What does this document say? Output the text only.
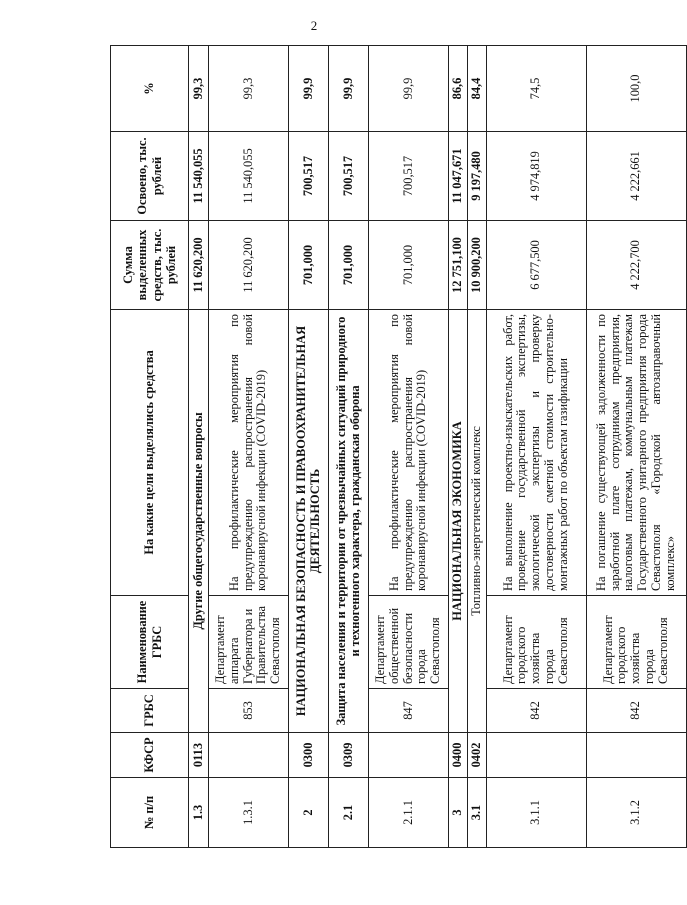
2
№ п/п	КФСР	ГРБС	Наименование ГРБС	На какие цели выделялись средства	Сумма выделенных средств, тыс. рублей	Освоено, тыс. рублей	%
1.3	0113	Другие общегосударственные вопросы			11 620,200	11 540,055	99,3
1.3.1		853	Департамент аппарата Губернатора и Правительства Севастополя	На профилактические мероприятия по предупреждению распространения новой коронавирусной инфекции (COVID-2019)	11 620,200	11 540,055	99,3
2	0300	НАЦИОНАЛЬНАЯ БЕЗОПАСНОСТЬ И ПРАВООХРАНИТЕЛЬНАЯ ДЕЯТЕЛЬНОСТЬ			701,000	700,517	99,9
2.1	0309	Защита населения и территории от чрезвычайных ситуаций природного и техногенного характера, гражданская оборона			701,000	700,517	99,9
2.1.1		847	Департамент общественной безопасности города Севастополя	На профилактические мероприятия по предупреждению распространения новой коронавирусной инфекции (COVID-2019)	701,000	700,517	99,9
3	0400	НАЦИОНАЛЬНАЯ ЭКОНОМИКА			12 751,100	11 047,671	86,6
3.1	0402	Топливно-энергетический комплекс			10 900,200	9 197,480	84,4
3.1.1		842	Департамент городского хозяйства города Севастополя	На выполнение проектно-изыскательских работ, проведение государственной экспертизы, экологической экспертизы и проверку достоверности сметной стоимости строительно-монтажных работ по объектам газификации	6 677,500	4 974,819	74,5
3.1.2		842	Департамент городского хозяйства города Севастополя	На погашение существующей задолженности по заработной плате сотрудникам предприятия, налоговым платежам, коммунальным платежам Государственного унитарного предприятия города Севастополя «Городской автозаправочный комплекс»	4 222,700	4 222,661	100,0
